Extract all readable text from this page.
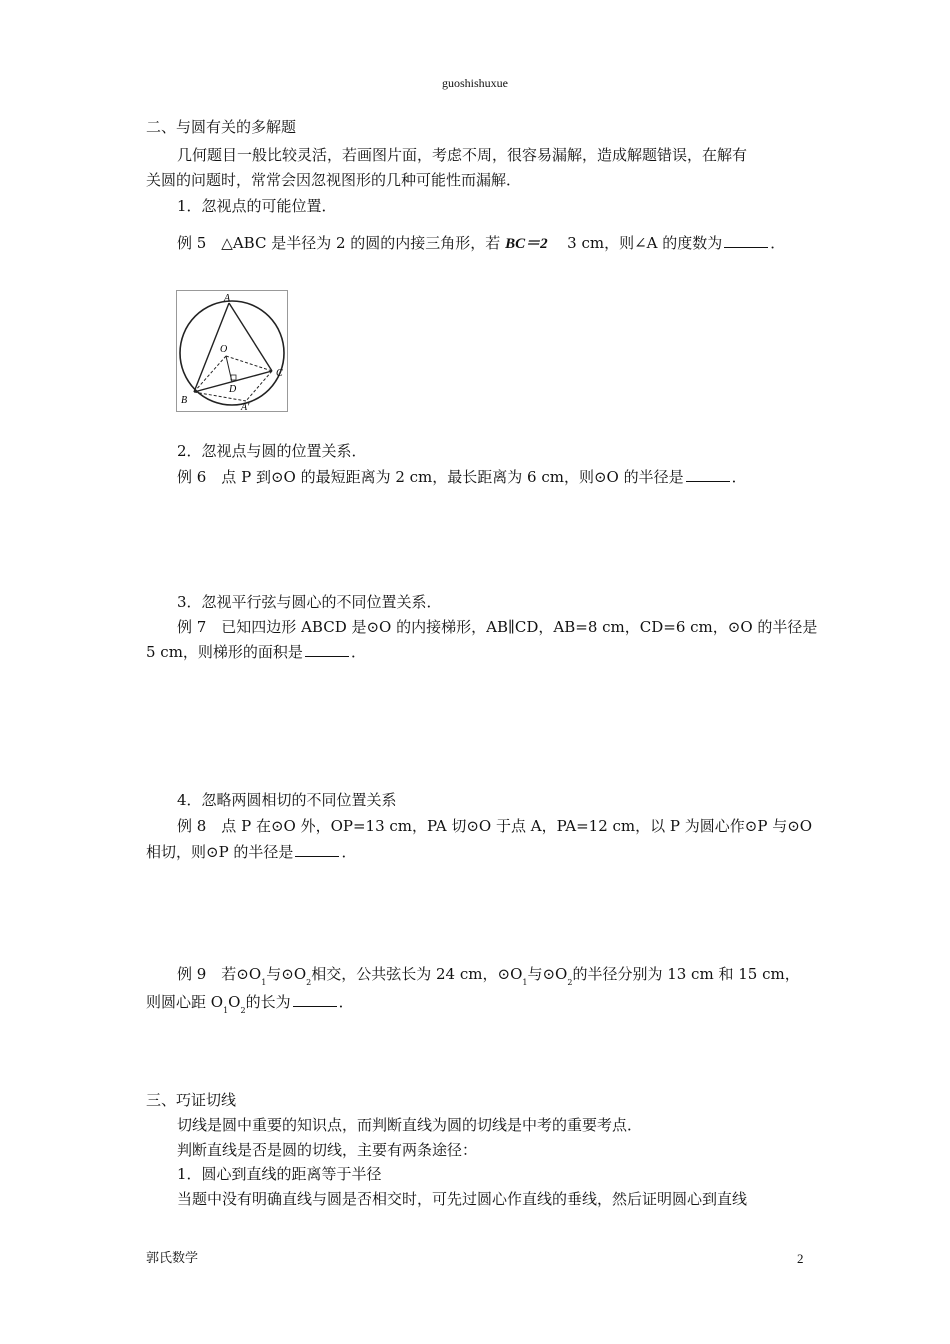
guoshishuxue
二、与圆有关的多解题
几何题目一般比较灵活，若画图片面，考虑不周，很容易漏解，造成解题错误，在解有
关圆的问题时，常常会因忽视图形的几种可能性而漏解．
1．忽视点的可能位置．
例 5　△ABC 是半径为 2 的圆的内接三角形，若 BC＝2 3 cm，则∠A 的度数为	．
A
O
C
B
D
A′
2．忽视点与圆的位置关系．
例 6　点 P 到⊙O 的最短距离为 2 cm，最长距离为 6 cm，则⊙O 的半径是	．
3．忽视平行弦与圆心的不同位置关系．
例 7　已知四边形 ABCD 是⊙O 的内接梯形，AB∥CD，AB=8 cm，CD=6 cm，⊙O 的半径是
5 cm，则梯形的面积是	．
4．忽略两圆相切的不同位置关系
例 8　点 P 在⊙O 外，OP=13 cm，PA 切⊙O 于点 A，PA=12 cm，以 P 为圆心作⊙P 与⊙O
相切，则⊙P 的半径是	．
例 9　若$⊙O_1$与$⊙O_2$相交，公共弦长为 24 cm，$⊙O_1$与$⊙O_2$的半径分别为 13 cm 和 15 cm，
则圆心距 $O_1O_2$的长为	．
三、巧证切线
切线是圆中重要的知识点，而判断直线为圆的切线是中考的重要考点．
判断直线是否是圆的切线，主要有两条途径：
1．圆心到直线的距离等于半径
当题中没有明确直线与圆是否相交时，可先过圆心作直线的垂线，然后证明圆心到直线
郭氏数学	2
